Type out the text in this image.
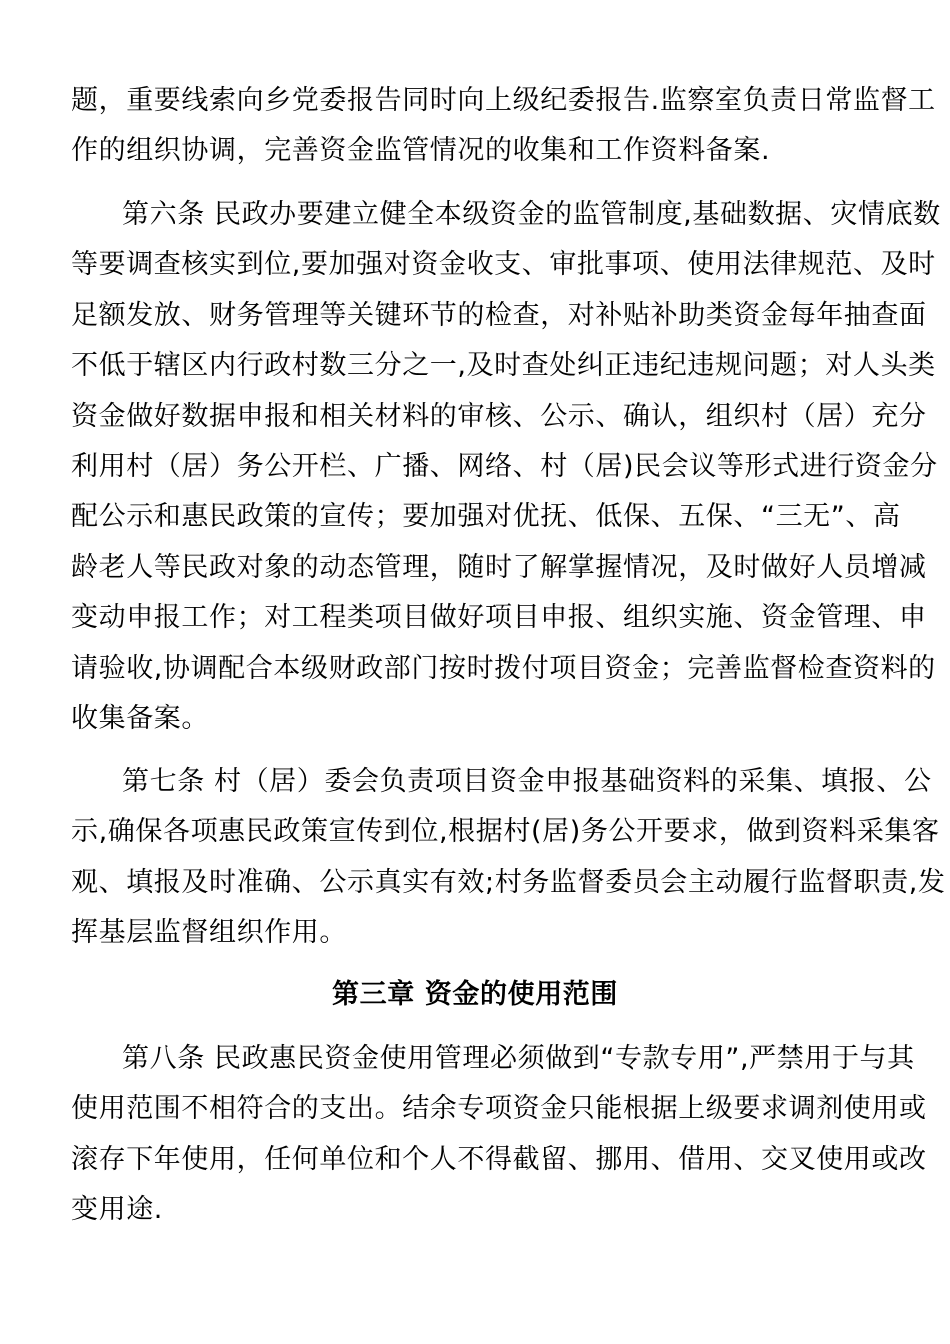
题，重要线索向乡党委报告同时向上级纪委报告.监察室负责日常监督工
作的组织协调，完善资金监管情况的收集和工作资料备案.
第六条 民政办要建立健全本级资金的监管制度,基础数据、灾情底数
等要调查核实到位,要加强对资金收支、审批事项、使用法律规范、及时
足额发放、财务管理等关键环节的检查，对补贴补助类资金每年抽查面
不低于辖区内行政村数三分之一,及时查处纠正违纪违规问题；对人头类
资金做好数据申报和相关材料的审核、公示、确认，组织村（居）充分
利用村（居）务公开栏、广播、网络、村（居)民会议等形式进行资金分
配公示和惠民政策的宣传；要加强对优抚、低保、五保、“三无”、高
龄老人等民政对象的动态管理，随时了解掌握情况，及时做好人员增减
变动申报工作；对工程类项目做好项目申报、组织实施、资金管理、申
请验收,协调配合本级财政部门按时拨付项目资金；完善监督检查资料的
收集备案。
第七条 村（居）委会负责项目资金申报基础资料的采集、填报、公
示,确保各项惠民政策宣传到位,根据村(居)务公开要求，做到资料采集客
观、填报及时准确、公示真实有效;村务监督委员会主动履行监督职责,发
挥基层监督组织作用。
第三章 资金的使用范围
第八条 民政惠民资金使用管理必须做到“专款专用”,严禁用于与其
使用范围不相符合的支出。结余专项资金只能根据上级要求调剂使用或
滚存下年使用，任何单位和个人不得截留、挪用、借用、交叉使用或改
变用途.
